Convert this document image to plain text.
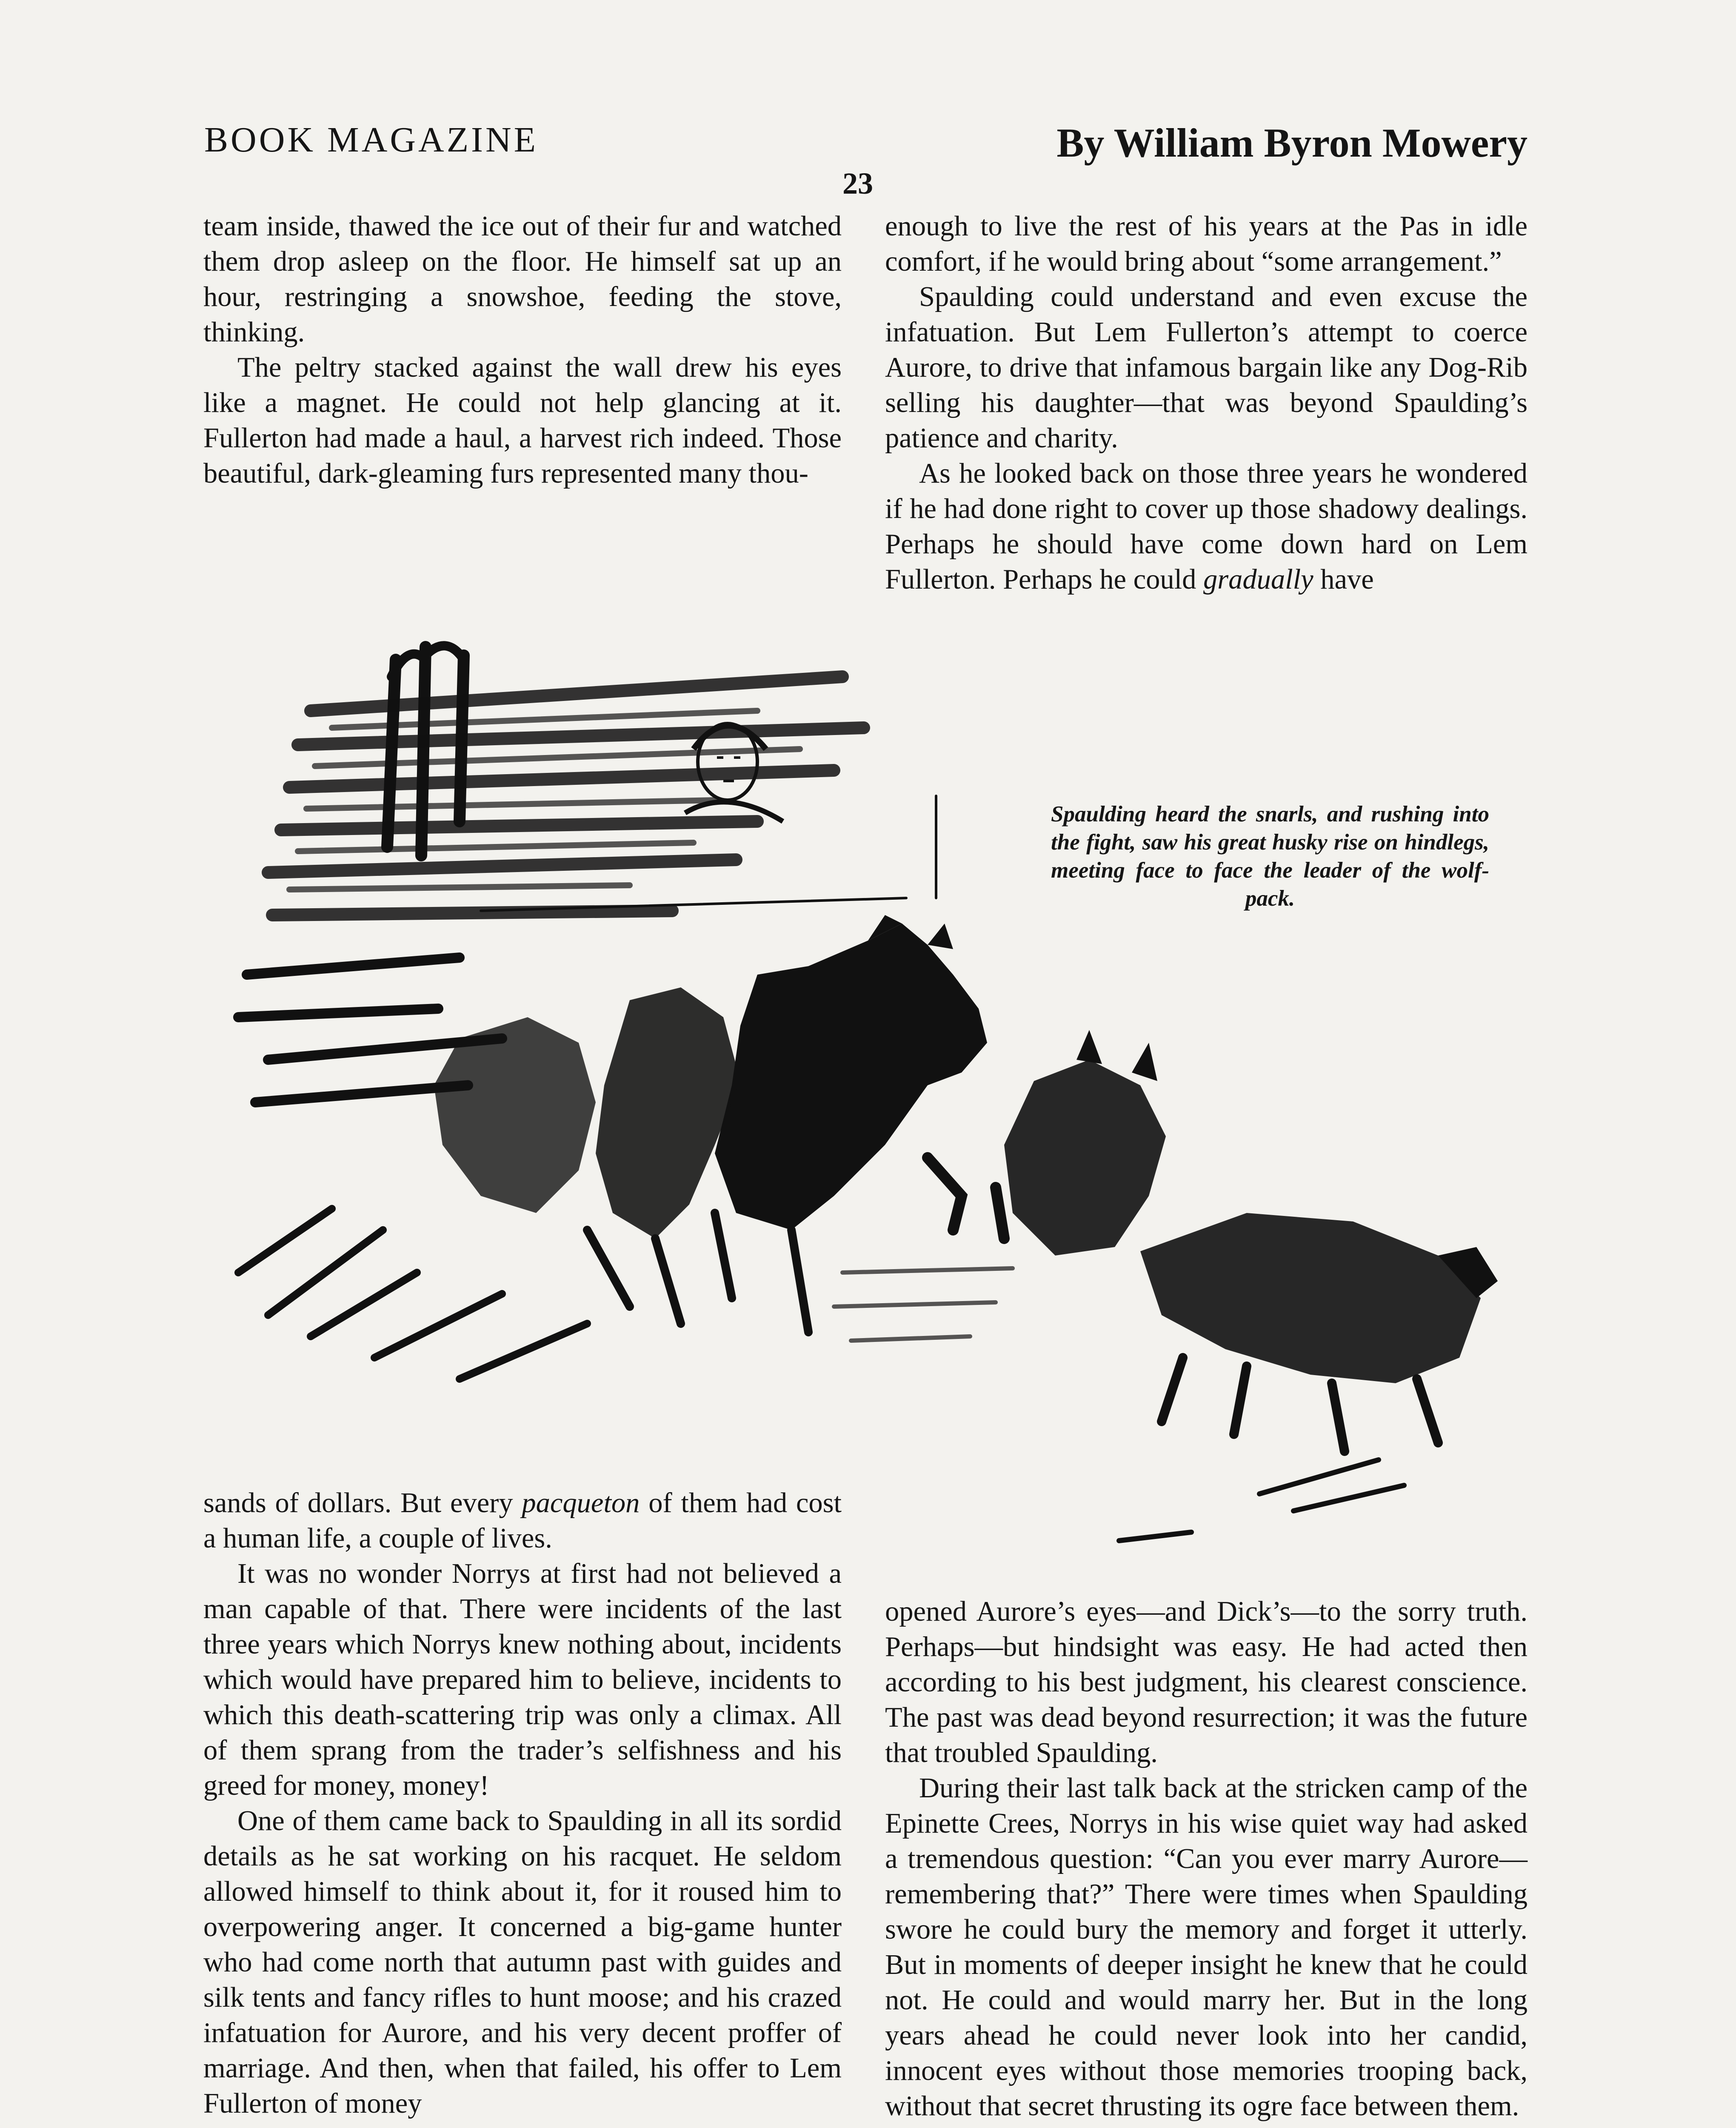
BOOK MAGAZINE	By William Byron Mowery
23

team inside, thawed the ice out of their fur and watched them drop asleep on the floor. He himself sat up an hour, restringing a snowshoe, feeding the stove, thinking.

The peltry stacked against the wall drew his eyes like a magnet. He could not help glancing at it. Fullerton had made a haul, a harvest rich indeed. Those beautiful, dark-gleaming furs represented many thou-

enough to live the rest of his years at the Pas in idle comfort, if he would bring about “some arrangement.”

Spaulding could understand and even excuse the infatuation. But Lem Fullerton’s attempt to coerce Aurore, to drive that infamous bargain like any Dog-Rib selling his daughter—that was beyond Spaulding’s patience and charity.

As he looked back on those three years he wondered if he had done right to cover up those shadowy dealings. Perhaps he should have come down hard on Lem Fullerton. Perhaps he could gradually have

Spaulding heard the snarls, and rushing into the fight, saw his great husky rise on hindlegs, meeting face to face the leader of the wolf-pack.

sands of dollars. But every pacqueton of them had cost a human life, a couple of lives.

It was no wonder Norrys at first had not believed a man capable of that. There were incidents of the last three years which Norrys knew nothing about, incidents which would have prepared him to believe, incidents to which this death-scattering trip was only a climax. All of them sprang from the trader’s selfishness and his greed for money, money!

One of them came back to Spaulding in all its sordid details as he sat working on his racquet. He seldom allowed himself to think about it, for it roused him to overpowering anger. It concerned a big-game hunter who had come north that autumn past with guides and silk tents and fancy rifles to hunt moose; and his crazed infatuation for Aurore, and his very decent proffer of marriage. And then, when that failed, his offer to Lem Fullerton of money

opened Aurore’s eyes—and Dick’s—to the sorry truth. Perhaps—but hindsight was easy. He had acted then according to his best judgment, his clearest conscience. The past was dead beyond resurrection; it was the future that troubled Spaulding.

During their last talk back at the stricken camp of the Epinette Crees, Norrys in his wise quiet way had asked a tremendous question: “Can you ever marry Aurore—remembering that?” There were times when Spaulding swore he could bury the memory and forget it utterly. But in moments of deeper insight he knew that he could not. He could and would marry her. But in the long years ahead he could never look into her candid, innocent eyes without those memories trooping back, without that secret thrusting its ogre face between them.
